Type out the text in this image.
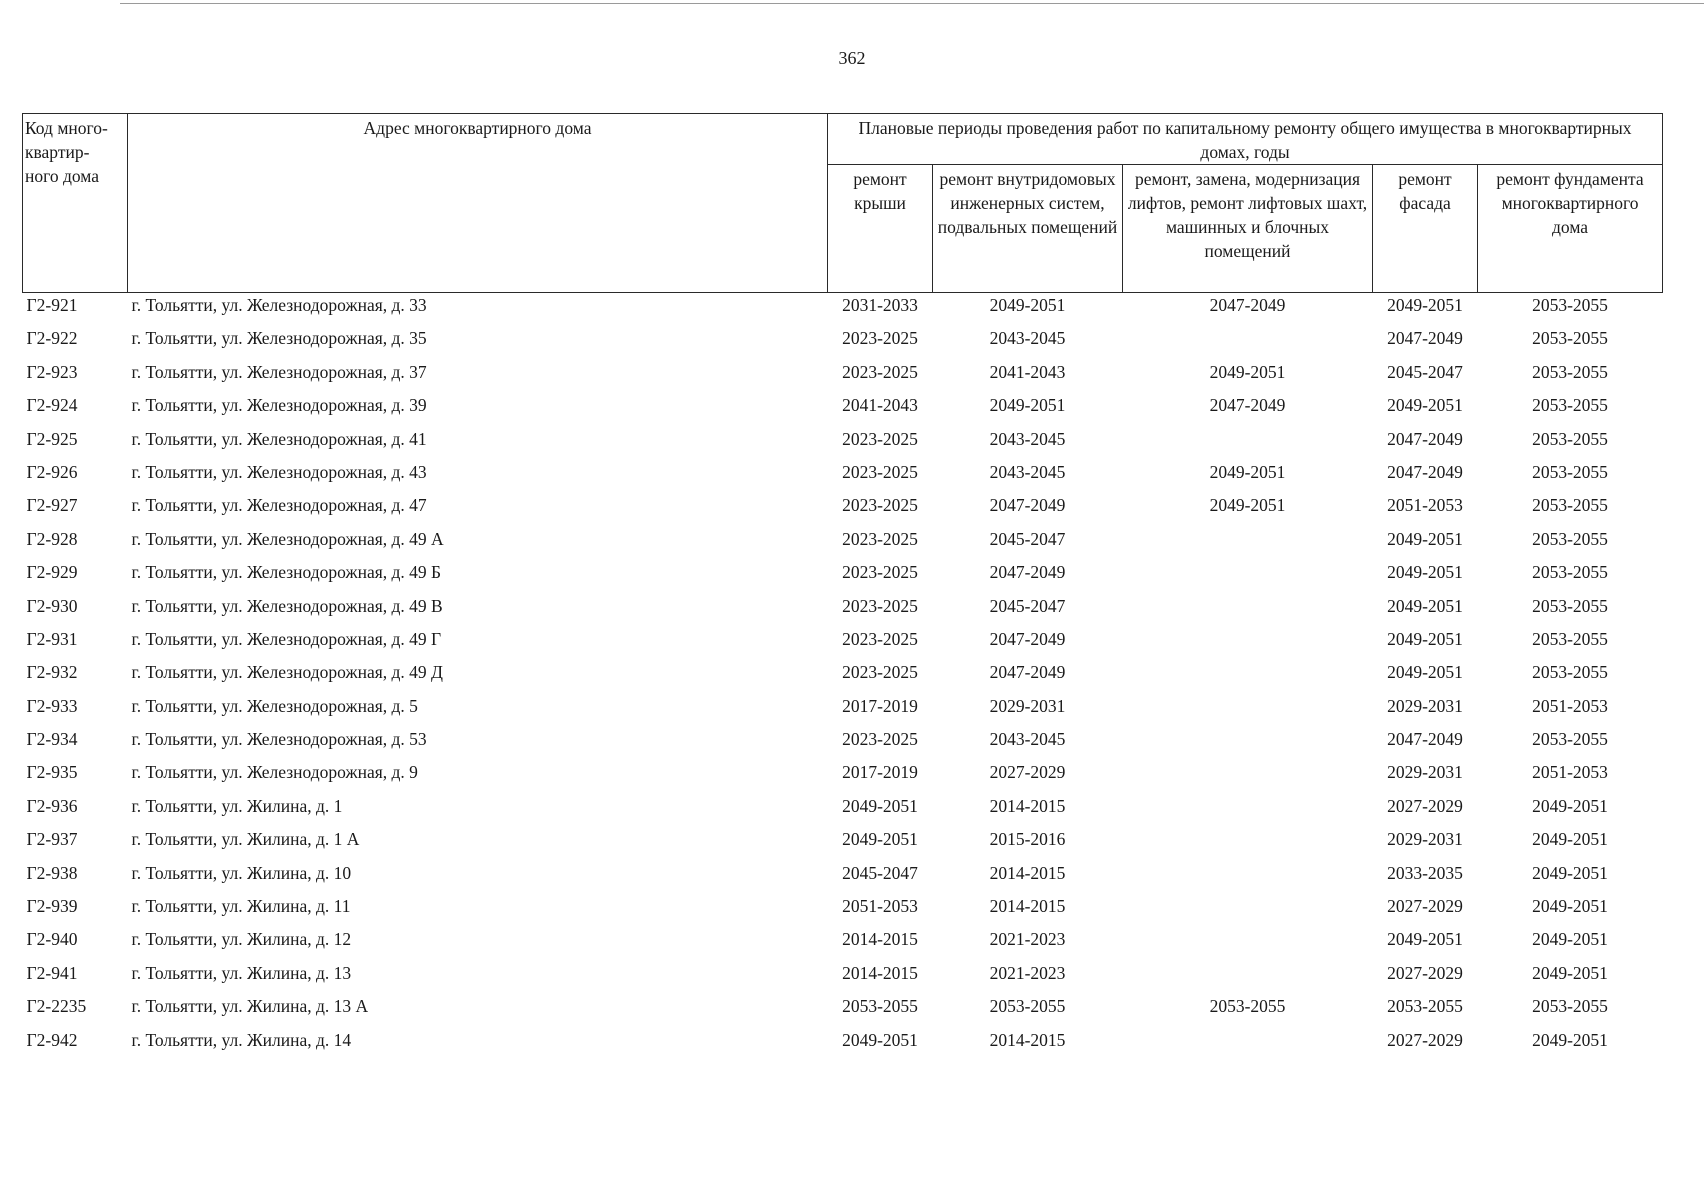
362
Код много-квартир-ного дома	Адрес многоквартирного дома	Плановые периоды проведения работ по капитальному ремонту общего имущества в многоквартирных домах, годы				
		ремонт крыши	ремонт внутридомовых инженерных систем, подвальных помещений	ремонт, замена, модернизация лифтов, ремонт лифтовых шахт, машинных и блочных помещений	ремонт фасада	ремонт фундамента многоквартирного дома
Г2-921	г. Тольятти, ул. Железнодорожная, д. 33	2031-2033	2049-2051	2047-2049	2049-2051	2053-2055
Г2-922	г. Тольятти, ул. Железнодорожная, д. 35	2023-2025	2043-2045		2047-2049	2053-2055
Г2-923	г. Тольятти, ул. Железнодорожная, д. 37	2023-2025	2041-2043	2049-2051	2045-2047	2053-2055
Г2-924	г. Тольятти, ул. Железнодорожная, д. 39	2041-2043	2049-2051	2047-2049	2049-2051	2053-2055
Г2-925	г. Тольятти, ул. Железнодорожная, д. 41	2023-2025	2043-2045		2047-2049	2053-2055
Г2-926	г. Тольятти, ул. Железнодорожная, д. 43	2023-2025	2043-2045	2049-2051	2047-2049	2053-2055
Г2-927	г. Тольятти, ул. Железнодорожная, д. 47	2023-2025	2047-2049	2049-2051	2051-2053	2053-2055
Г2-928	г. Тольятти, ул. Железнодорожная, д. 49 А	2023-2025	2045-2047		2049-2051	2053-2055
Г2-929	г. Тольятти, ул. Железнодорожная, д. 49 Б	2023-2025	2047-2049		2049-2051	2053-2055
Г2-930	г. Тольятти, ул. Железнодорожная, д. 49 В	2023-2025	2045-2047		2049-2051	2053-2055
Г2-931	г. Тольятти, ул. Железнодорожная, д. 49 Г	2023-2025	2047-2049		2049-2051	2053-2055
Г2-932	г. Тольятти, ул. Железнодорожная, д. 49 Д	2023-2025	2047-2049		2049-2051	2053-2055
Г2-933	г. Тольятти, ул. Железнодорожная, д. 5	2017-2019	2029-2031		2029-2031	2051-2053
Г2-934	г. Тольятти, ул. Железнодорожная, д. 53	2023-2025	2043-2045		2047-2049	2053-2055
Г2-935	г. Тольятти, ул. Железнодорожная, д. 9	2017-2019	2027-2029		2029-2031	2051-2053
Г2-936	г. Тольятти, ул. Жилина, д. 1	2049-2051	2014-2015		2027-2029	2049-2051
Г2-937	г. Тольятти, ул. Жилина, д. 1 А	2049-2051	2015-2016		2029-2031	2049-2051
Г2-938	г. Тольятти, ул. Жилина, д. 10	2045-2047	2014-2015		2033-2035	2049-2051
Г2-939	г. Тольятти, ул. Жилина, д. 11	2051-2053	2014-2015		2027-2029	2049-2051
Г2-940	г. Тольятти, ул. Жилина, д. 12	2014-2015	2021-2023		2049-2051	2049-2051
Г2-941	г. Тольятти, ул. Жилина, д. 13	2014-2015	2021-2023		2027-2029	2049-2051
Г2-2235	г. Тольятти, ул. Жилина, д. 13 А	2053-2055	2053-2055	2053-2055	2053-2055	2053-2055
Г2-942	г. Тольятти, ул. Жилина, д. 14	2049-2051	2014-2015		2027-2029	2049-2051
